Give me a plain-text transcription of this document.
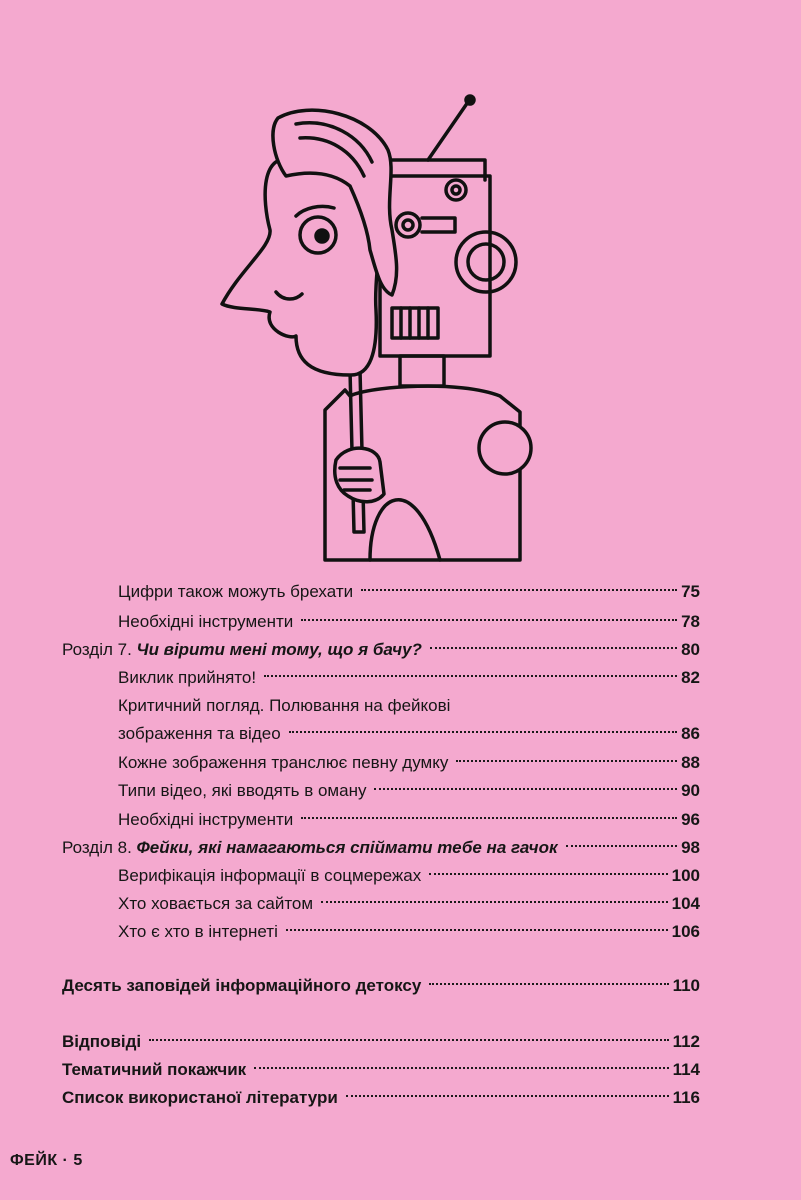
Цифри також можуть брехати	75
Необхідні інструменти	78
Розділ 7. Чи вірити мені тому, що я бачу?	80
Виклик прийнято!	82
Критичний погляд. Полювання на фейкові
зображення та відео	86
Кожне зображення транслює певну думку	88
Типи відео, які вводять в оману	90
Необхідні інструменти	96
Розділ 8. Фейки, які намагаються спіймати тебе на гачок	98
Верифікація інформації в соцмережах	100
Хто ховається за сайтом	104
Хто є хто в інтернеті	106
Десять заповідей інформаційного детоксу	110
Відповіді	112
Тематичний покажчик	114
Список використаної літератури	116
ФЕЙК · 5
